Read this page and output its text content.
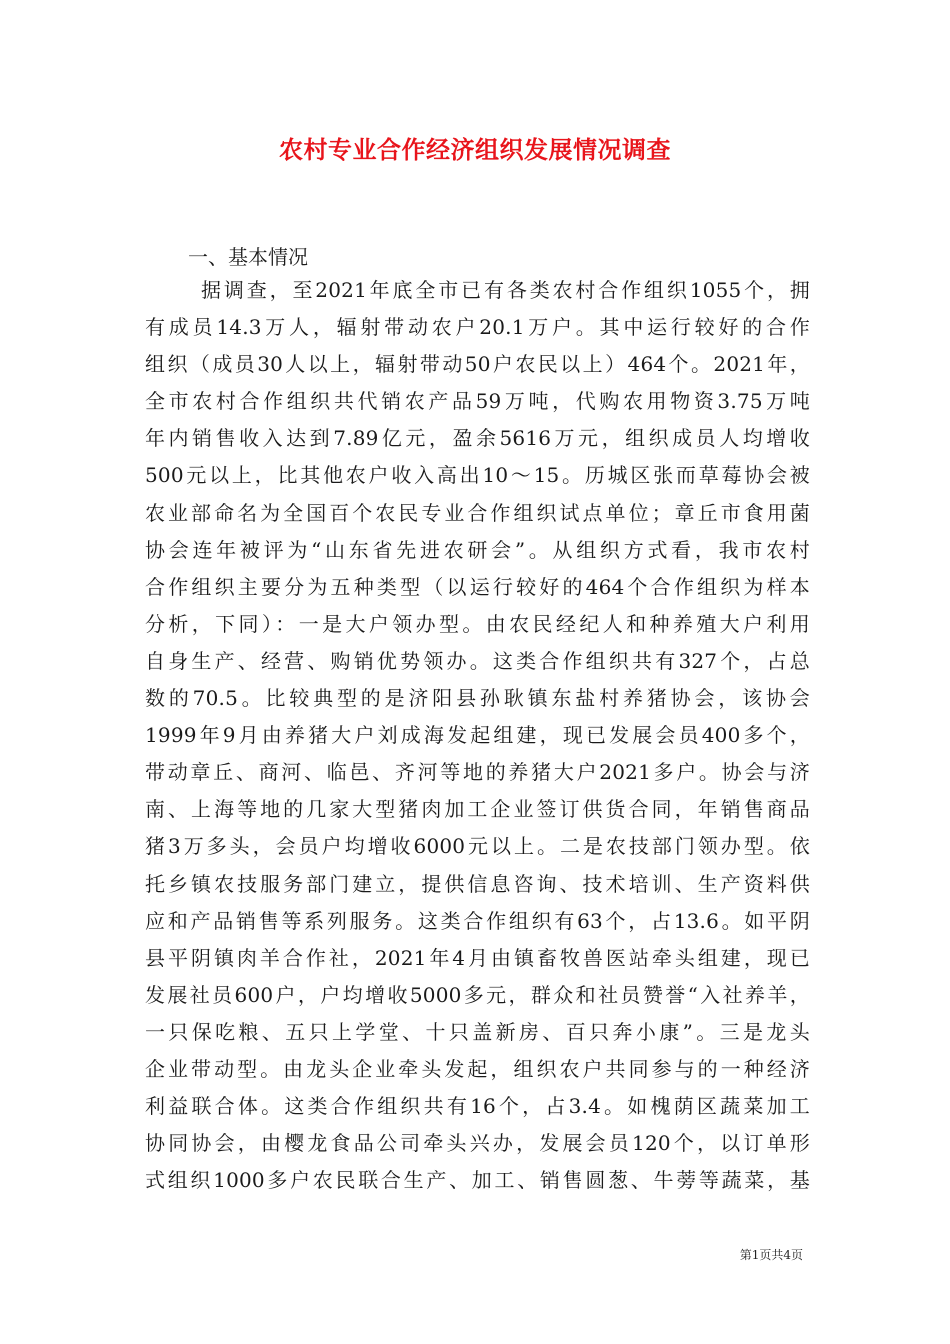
农村专业合作经济组织发展情况调查
一、基本情况
据调查，至2021年底全市已有各类农村合作组织1055个，拥
有成员14.3万人，辐射带动农户20.1万户。其中运行较好的合作
组织（成员30人以上，辐射带动50户农民以上）464个。2021年，
全市农村合作组织共代销农产品59万吨，代购农用物资3.75万吨
年内销售收入达到7.89亿元，盈余5616万元，组织成员人均增收
500元以上，比其他农户收入高出10～15。历城区张而草莓协会被
农业部命名为全国百个农民专业合作组织试点单位；章丘市食用菌
协会连年被评为“山东省先进农研会”。从组织方式看，我市农村
合作组织主要分为五种类型（以运行较好的464个合作组织为样本
分析，下同）：一是大户领办型。由农民经纪人和种养殖大户利用
自身生产、经营、购销优势领办。这类合作组织共有327个，占总
数的70.5。比较典型的是济阳县孙耿镇东盐村养猪协会，该协会
1999年9月由养猪大户刘成海发起组建，现已发展会员400多个，
带动章丘、商河、临邑、齐河等地的养猪大户2021多户。协会与济
南、上海等地的几家大型猪肉加工企业签订供货合同，年销售商品
猪3万多头，会员户均增收6000元以上。二是农技部门领办型。依
托乡镇农技服务部门建立，提供信息咨询、技术培训、生产资料供
应和产品销售等系列服务。这类合作组织有63个，占13.6。如平阴
县平阴镇肉羊合作社，2021年4月由镇畜牧兽医站牵头组建，现已
发展社员600户，户均增收5000多元，群众和社员赞誉“入社养羊，
一只保吃粮、五只上学堂、十只盖新房、百只奔小康”。三是龙头
企业带动型。由龙头企业牵头发起，组织农户共同参与的一种经济
利益联合体。这类合作组织共有16个，占3.4。如槐荫区蔬菜加工
协同协会，由樱龙食品公司牵头兴办，发展会员120个，以订单形
式组织1000多户农民联合生产、加工、销售圆葱、牛蒡等蔬菜，基
第1页共4页
